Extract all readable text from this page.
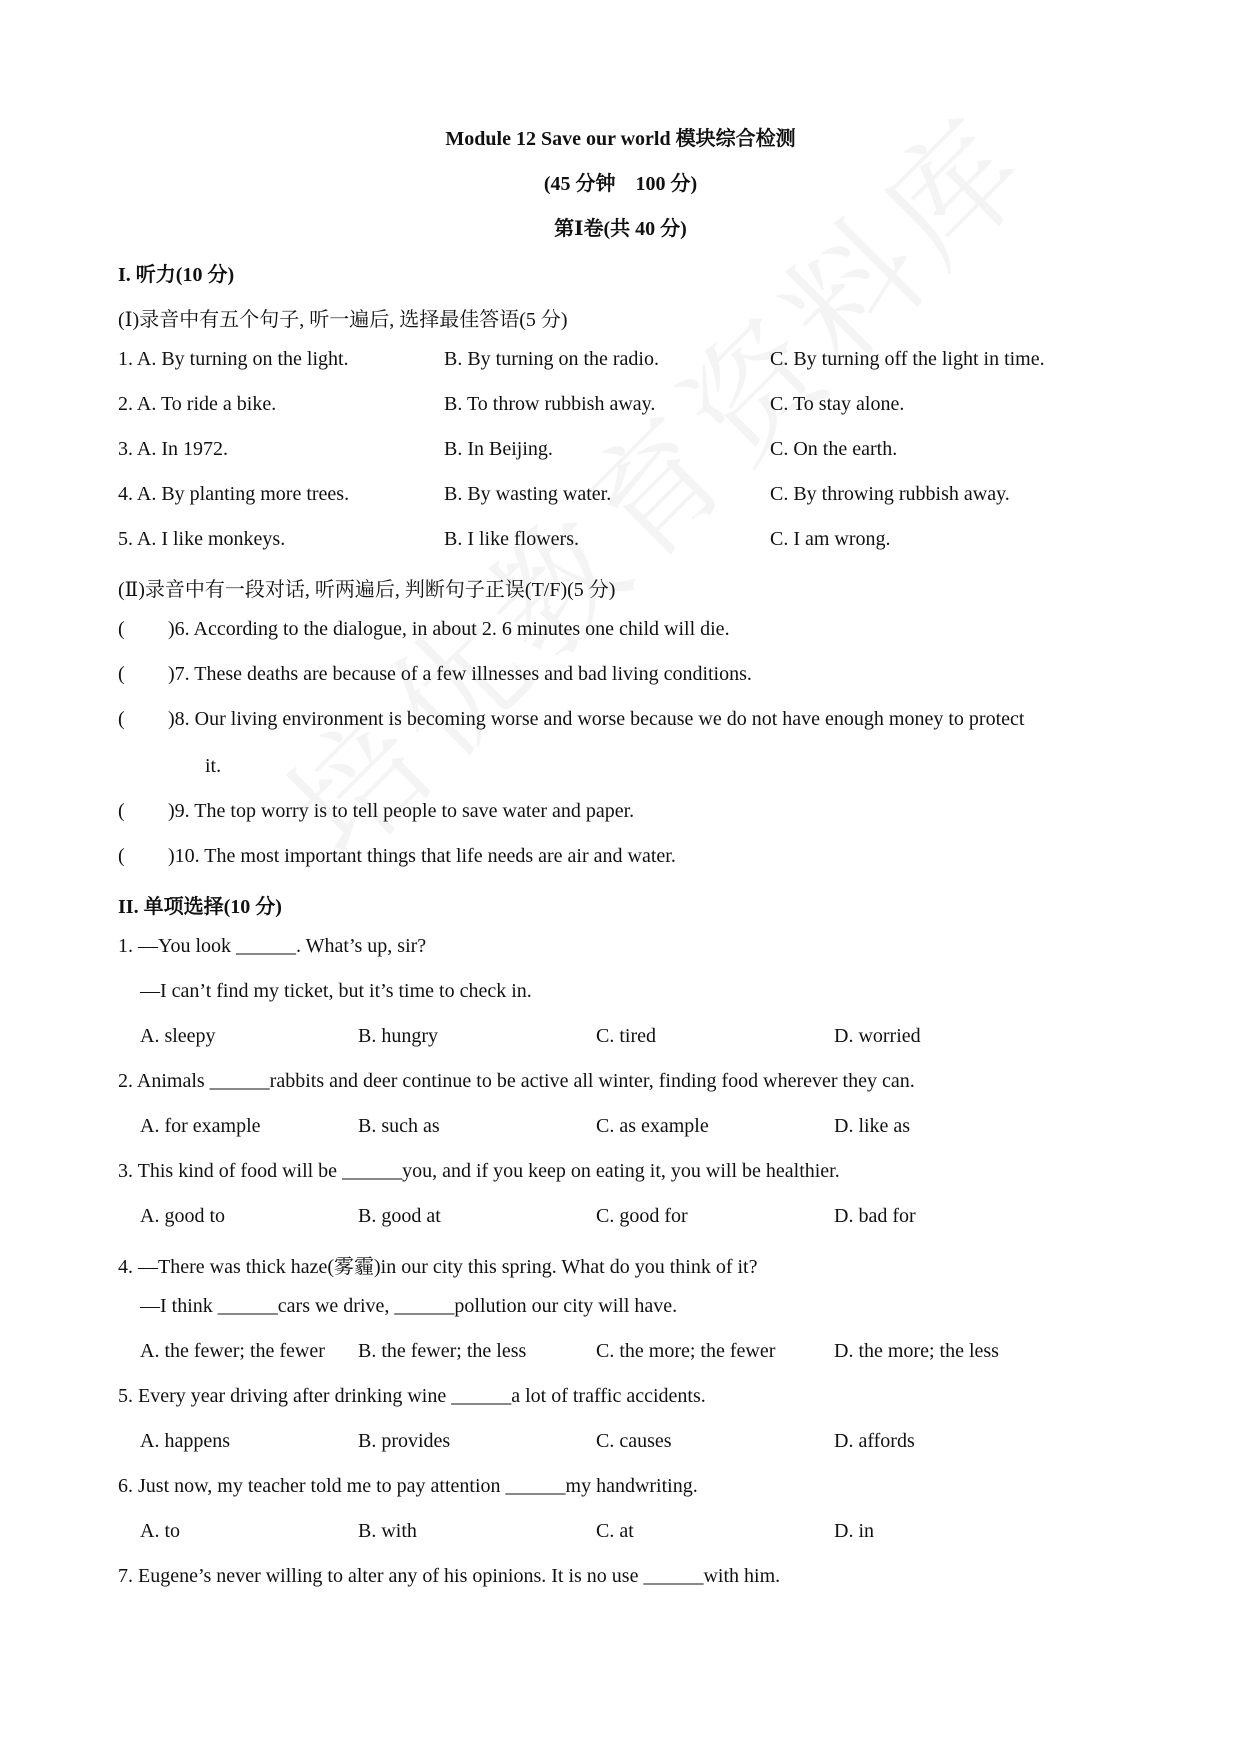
Module 12 Save our world 模块综合检测
(45 分钟　100 分)
第Ⅰ卷(共 40 分)
I. 听力(10 分)
(Ⅰ)录音中有五个句子, 听一遍后, 选择最佳答语(5 分)
1. A. By turning on the light.	B. By turning on the radio.	C. By turning off the light in time.
2. A. To ride a bike.	B. To throw rubbish away.	C. To stay alone.
3. A. In 1972.	B. In Beijing.	C. On the earth.
4. A. By planting more trees.	B. By wasting water.	C. By throwing rubbish away.
5. A. I like monkeys.	B. I like flowers.	C. I am wrong.
(Ⅱ)录音中有一段对话, 听两遍后, 判断句子正误(T/F)(5 分)
( )6. According to the dialogue, in about 2. 6 minutes one child will die.
( )7. These deaths are because of a few illnesses and bad living conditions.
( )8. Our living environment is becoming worse and worse because we do not have enough money to protect
it.
( )9. The top worry is to tell people to save water and paper.
( )10. The most important things that life needs are air and water.
II. 单项选择(10 分)
1. —You look ______. What’s up, sir?
—I can’t find my ticket, but it’s time to check in.
A. sleepy	B. hungry	C. tired	D. worried
2. Animals ______rabbits and deer continue to be active all winter, finding food wherever they can.
A. for example	B. such as	C. as example	D. like as
3. This kind of food will be ______you, and if you keep on eating it, you will be healthier.
A. good to	B. good at	C. good for	D. bad for
4. —There was thick haze(雾霾)in our city this spring. What do you think of it?
—I think ______cars we drive, ______pollution our city will have.
A. the fewer; the fewer B. the fewer; the less	C. the more; the fewer	D. the more; the less
5. Every year driving after drinking wine ______a lot of traffic accidents.
A. happens	B. provides	C. causes	D. affords
6. Just now, my teacher told me to pay attention ______my handwriting.
A. to	B. with	C. at	D. in
7. Eugene’s never willing to alter any of his opinions. It is no use ______with him.
